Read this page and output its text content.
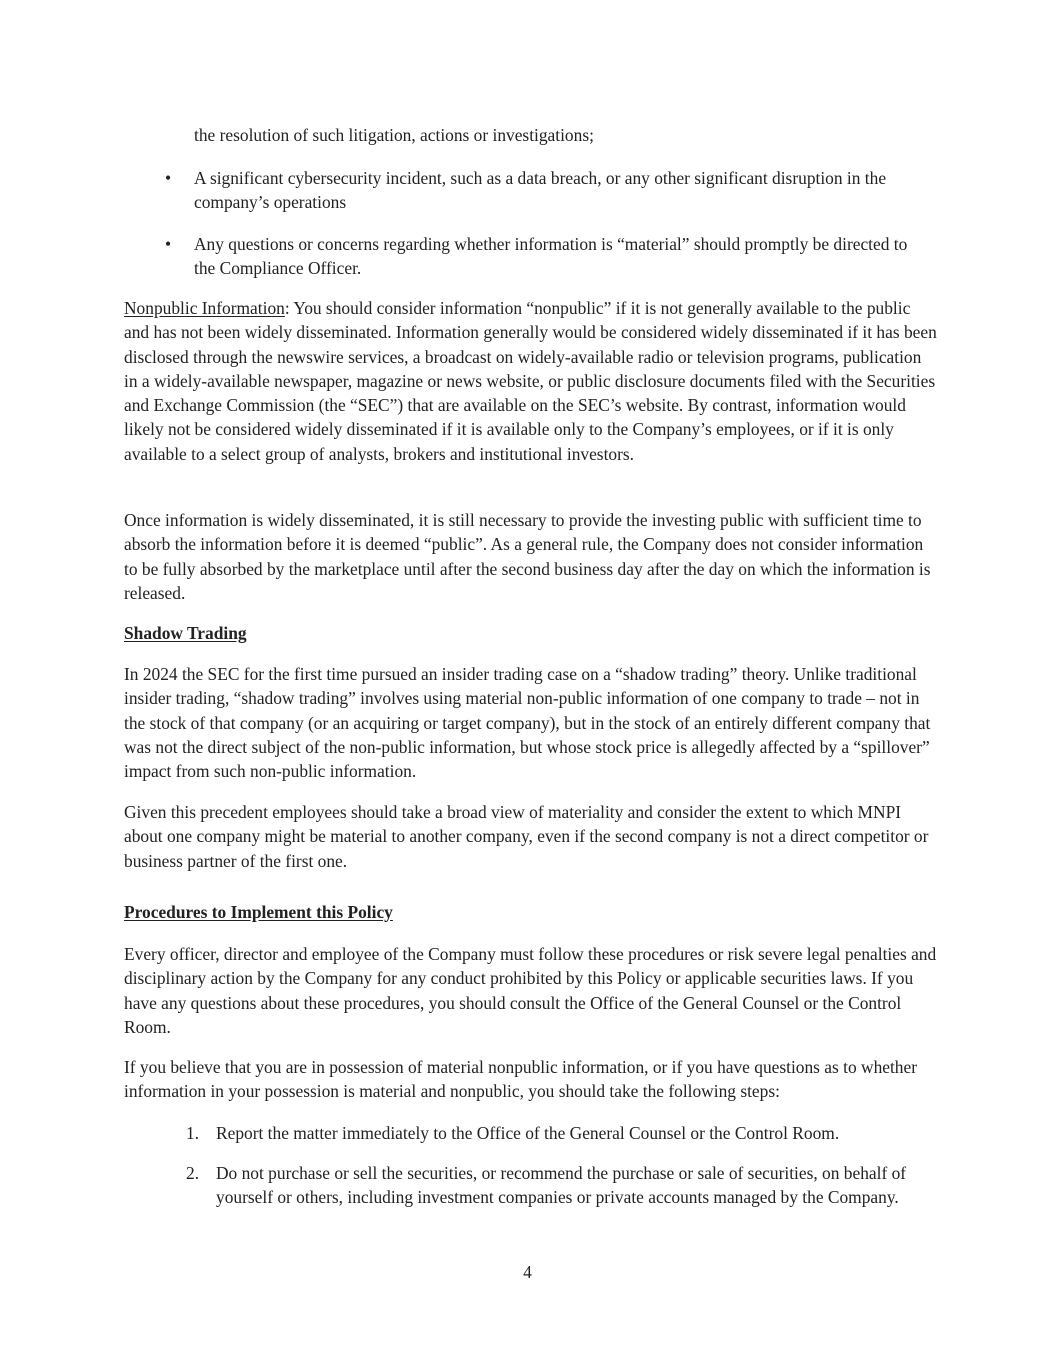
the resolution of such litigation, actions or investigations;

•	A significant cybersecurity incident, such as a data breach, or any other significant disruption in the company’s operations
•	Any questions or concerns regarding whether information is “material” should promptly be directed to the Compliance Officer.

Nonpublic Information: You should consider information “nonpublic” if it is not generally available to the public and has not been widely disseminated. Information generally would be considered widely disseminated if it has been disclosed through the newswire services, a broadcast on widely-available radio or television programs, publication in a widely-available newspaper, magazine or news website, or public disclosure documents filed with the Securities and Exchange Commission (the “SEC”) that are available on the SEC’s website. By contrast, information would likely not be considered widely disseminated if it is available only to the Company’s employees, or if it is only available to a select group of analysts, brokers and institutional investors.

Once information is widely disseminated, it is still necessary to provide the investing public with sufficient time to absorb the information before it is deemed “public”. As a general rule, the Company does not consider information to be fully absorbed by the marketplace until after the second business day after the day on which the information is released.

Shadow Trading

In 2024 the SEC for the first time pursued an insider trading case on a “shadow trading” theory. Unlike traditional insider trading, “shadow trading” involves using material non-public information of one company to trade – not in the stock of that company (or an acquiring or target company), but in the stock of an entirely different company that was not the direct subject of the non-public information, but whose stock price is allegedly affected by a “spillover” impact from such non-public information.

Given this precedent employees should take a broad view of materiality and consider the extent to which MNPI about one company might be material to another company, even if the second company is not a direct competitor or business partner of the first one.

Procedures to Implement this Policy

Every officer, director and employee of the Company must follow these procedures or risk severe legal penalties and disciplinary action by the Company for any conduct prohibited by this Policy or applicable securities laws. If you have any questions about these procedures, you should consult the Office of the General Counsel or the Control Room.

If you believe that you are in possession of material nonpublic information, or if you have questions as to whether information in your possession is material and nonpublic, you should take the following steps:

1. Report the matter immediately to the Office of the General Counsel or the Control Room.
2. Do not purchase or sell the securities, or recommend the purchase or sale of securities, on behalf of yourself or others, including investment companies or private accounts managed by the Company.

4
